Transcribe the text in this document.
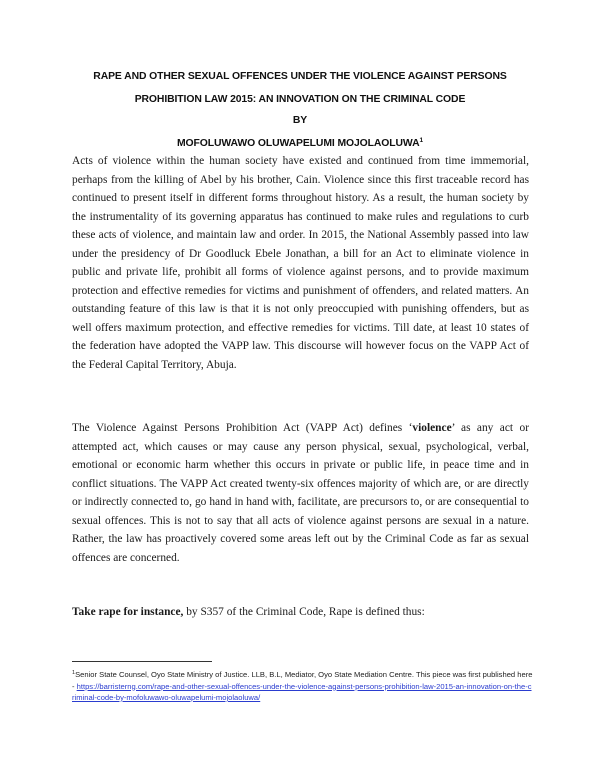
RAPE AND OTHER SEXUAL OFFENCES UNDER THE VIOLENCE AGAINST PERSONS
PROHIBITION LAW 2015: AN INNOVATION ON THE CRIMINAL CODE
BY
MOFOLUWAWO OLUWAPELUMI MOJOLAOLUWA$^1$
Acts of violence within the human society have existed and continued from time immemorial, perhaps from the killing of Abel by his brother, Cain. Violence since this first traceable record has continued to present itself in different forms throughout history. As a result, the human society by the instrumentality of its governing apparatus has continued to make rules and regulations to curb these acts of violence, and maintain law and order. In 2015, the National Assembly passed into law under the presidency of Dr Goodluck Ebele Jonathan, a bill for an Act to eliminate violence in public and private life, prohibit all forms of violence against persons, and to provide maximum protection and effective remedies for victims and punishment of offenders, and related matters. An outstanding feature of this law is that it is not only preoccupied with punishing offenders, but as well offers maximum protection, and effective remedies for victims. Till date, at least 10 states of the federation have adopted the VAPP law. This discourse will however focus on the VAPP Act of the Federal Capital Territory, Abuja.
The Violence Against Persons Prohibition Act (VAPP Act) defines ‘violence’ as any act or attempted act, which causes or may cause any person physical, sexual, psychological, verbal, emotional or economic harm whether this occurs in private or public life, in peace time and in conflict situations. The VAPP Act created twenty-six offences majority of which are, or are directly or indirectly connected to, go hand in hand with, facilitate, are precursors to, or are consequential to sexual offences. This is not to say that all acts of violence against persons are sexual in a nature. Rather, the law has proactively covered some areas left out by the Criminal Code as far as sexual offences are concerned.
Take rape for instance, by S357 of the Criminal Code, Rape is defined thus:
$^1$Senior State Counsel, Oyo State Ministry of Justice. LLB, B.L, Mediator, Oyo State Mediation Centre. This piece was first published here - https://barristerng.com/rape-and-other-sexual-offences-under-the-violence-against-persons-prohibition-law-2015-an-innovation-on-the-criminal-code-by-mofoluwawo-oluwapelumi-mojolaoluwa/
